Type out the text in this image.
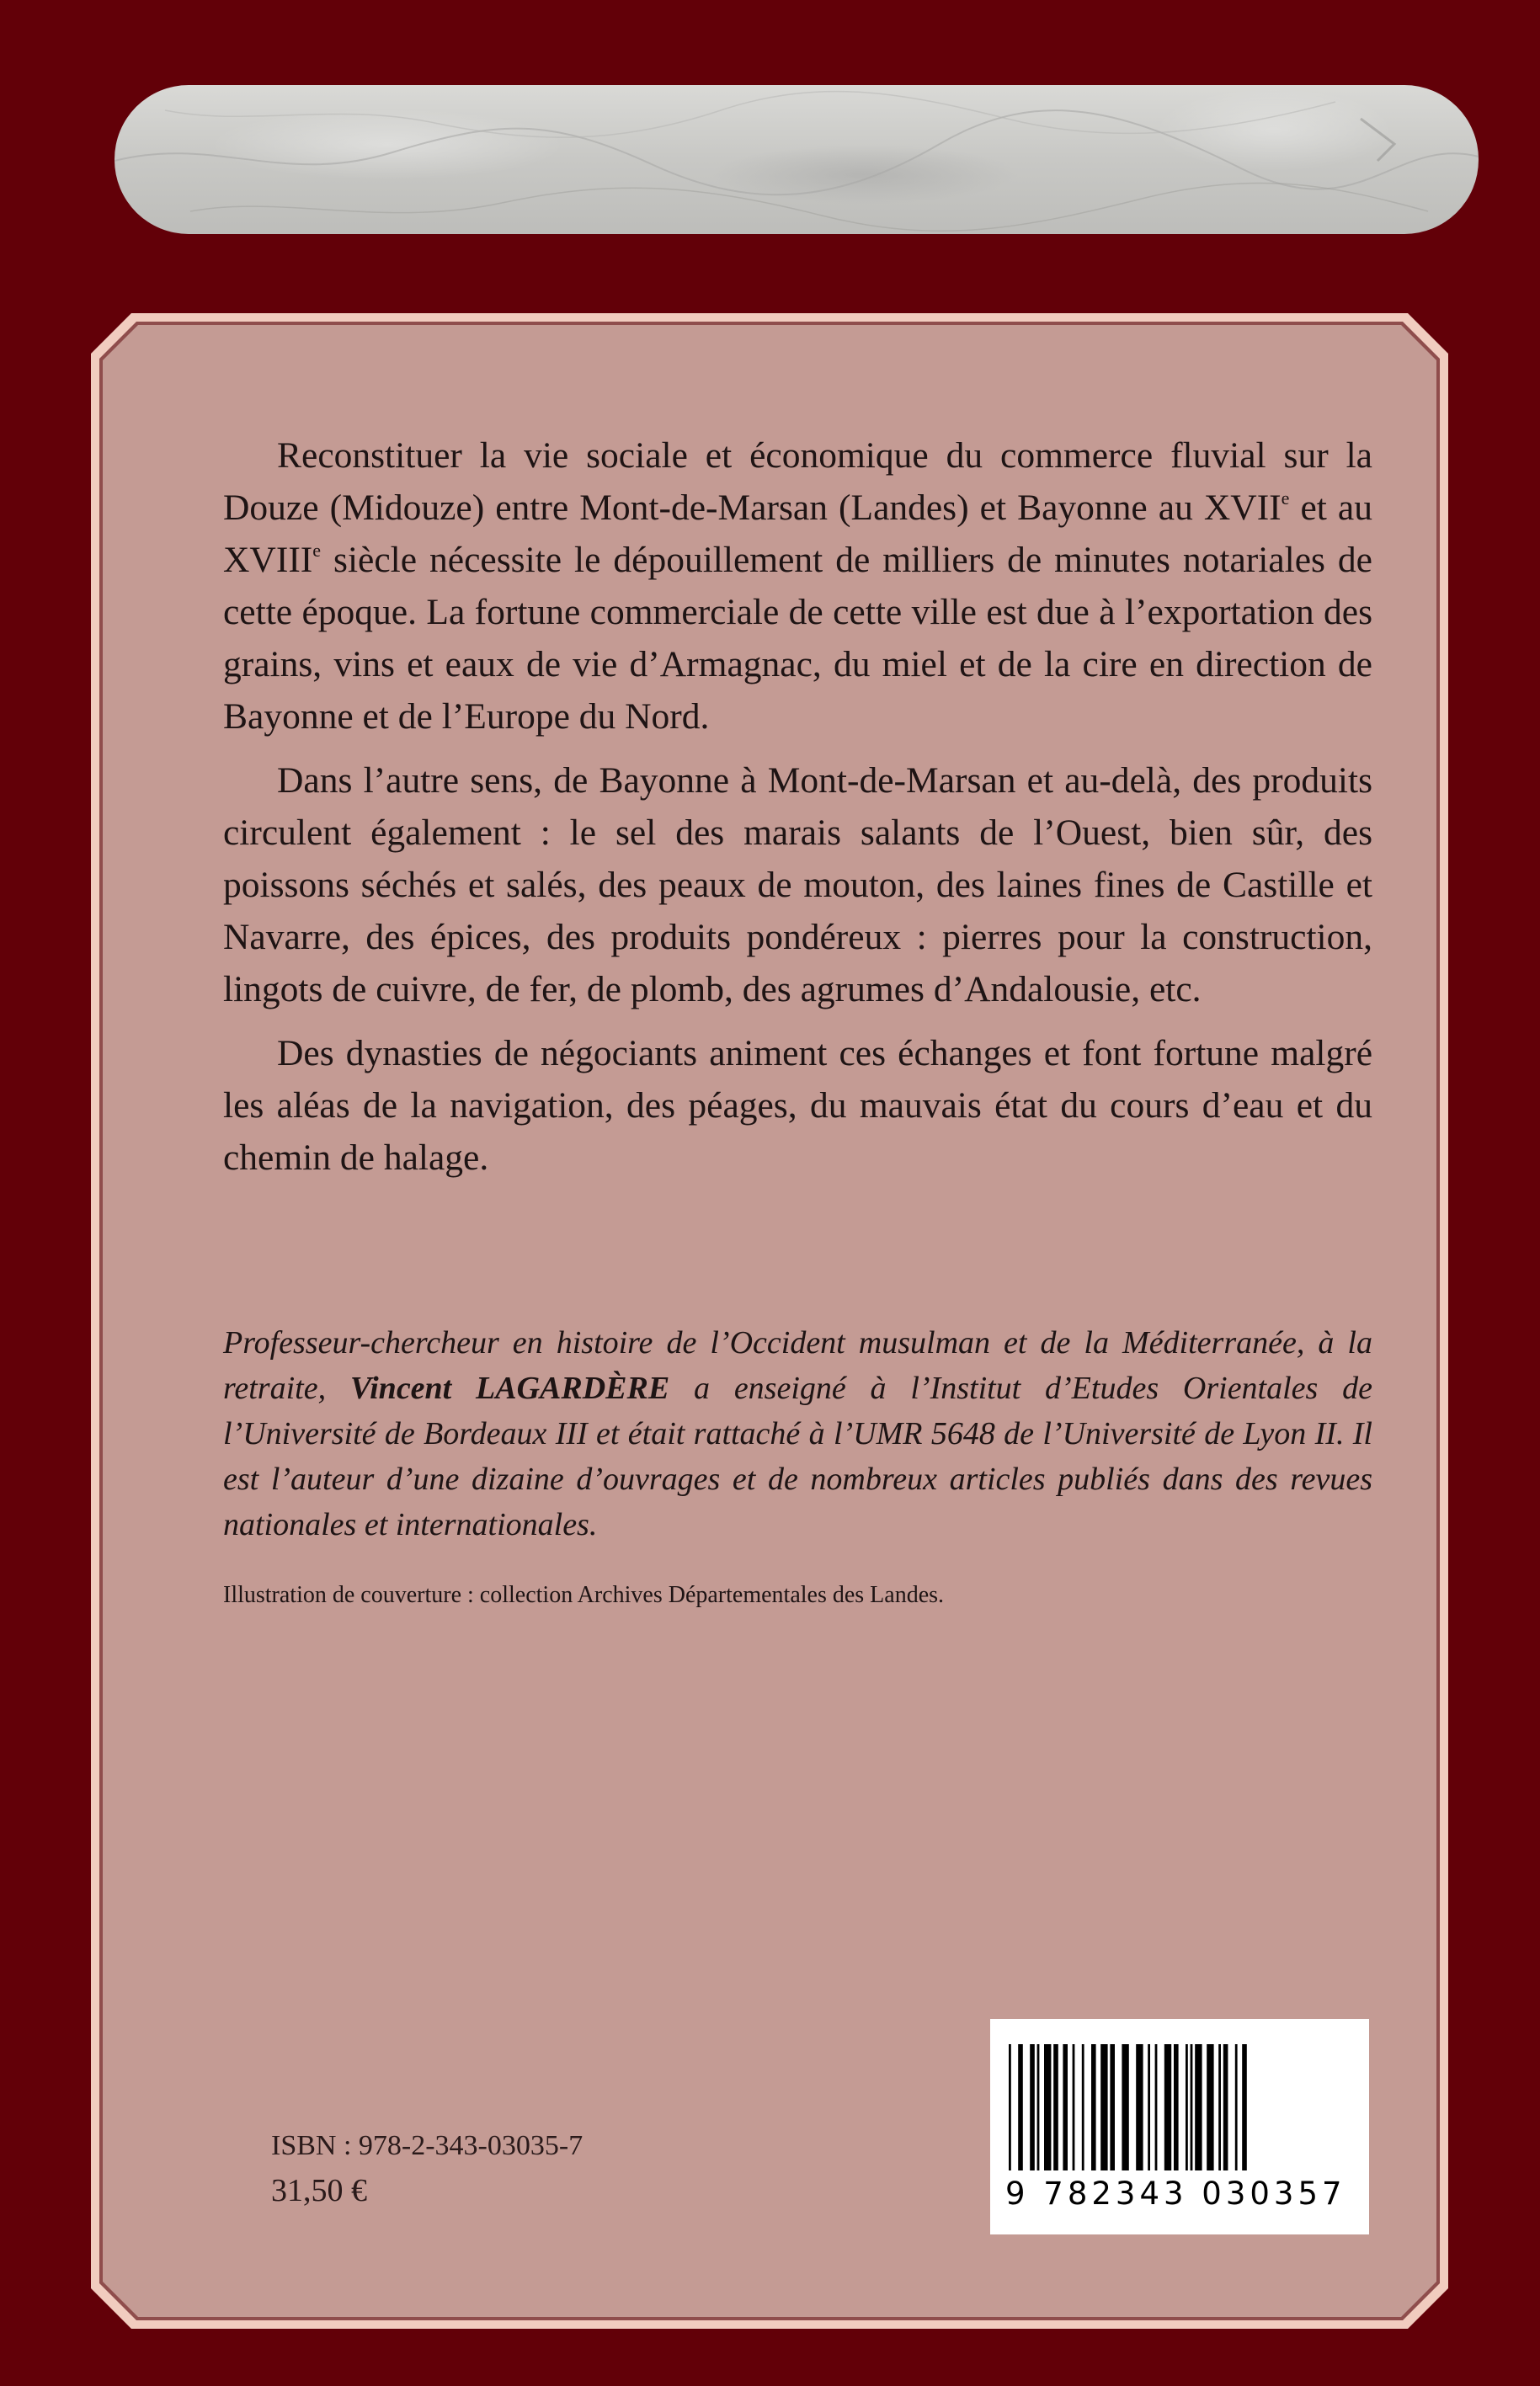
Reconstituer la vie sociale et économique du commerce fluvial sur la Douze (Midouze) entre Mont-de-Marsan (Landes) et Bayonne au XVIIe et au XVIIIe siècle nécessite le dépouillement de milliers de minutes notariales de cette époque. La fortune commerciale de cette ville est due à l’exportation des grains, vins et eaux de vie d’Armagnac, du miel et de la cire en direction de Bayonne et de l’Europe du Nord.

Dans l’autre sens, de Bayonne à Mont-de-Marsan et au-delà, des produits circulent également : le sel des marais salants de l’Ouest, bien sûr, des poissons séchés et salés, des peaux de mouton, des laines fines de Castille et Navarre, des épices, des produits pondéreux : pierres pour la construction, lingots de cuivre, de fer, de plomb, des agrumes d’Andalousie, etc.

Des dynasties de négociants animent ces échanges et font fortune malgré les aléas de la navigation, des péages, du mauvais état du cours d’eau et du chemin de halage.

Professeur-chercheur en histoire de l’Occident musulman et de la Méditerranée, à la retraite, Vincent LAGARDÈRE a enseigné à l’Institut d’Etudes Orientales de l’Université de Bordeaux III et était rattaché à l’UMR 5648 de l’Université de Lyon II. Il est l’auteur d’une dizaine d’ouvrages et de nombreux articles publiés dans des revues nationales et internationales.
Illustration de couverture : collection Archives Départementales des Landes.
ISBN : 978-2-343-03035-7
31,50 €	9 782343 030357
